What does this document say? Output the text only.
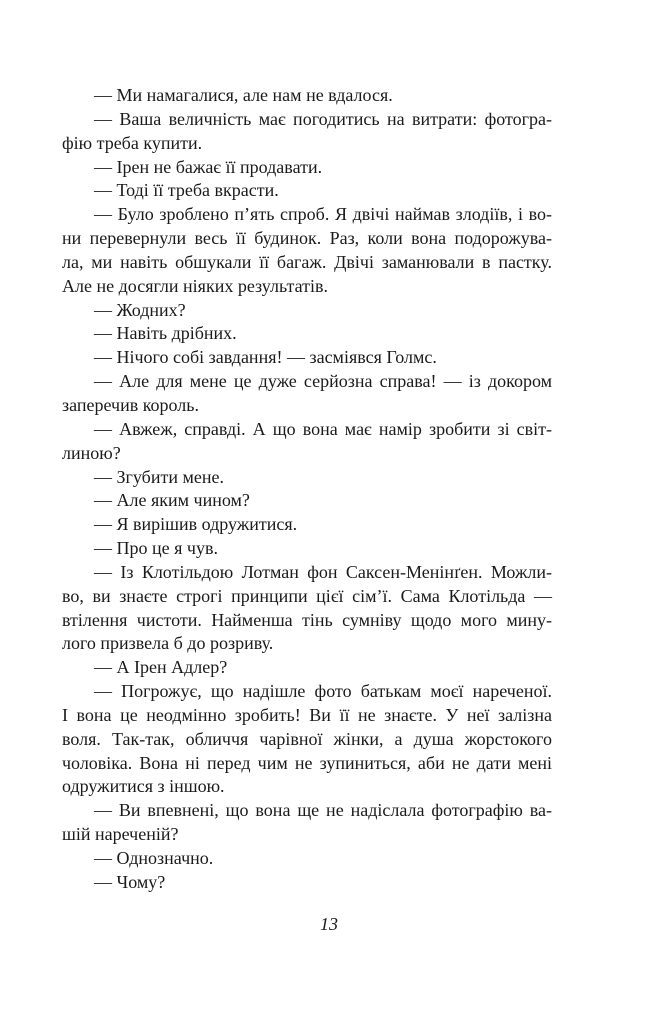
— Ми намагалися, але нам не вдалося.
— Ваша величність має погодитись на витрати: фотогра-
фію треба купити.
— Ірен не бажає її продавати.
— Тоді її треба вкрасти.
— Було зроблено п’ять спроб. Я двічі наймав злодіїв, і во-
ни перевернули весь її будинок. Раз, коли вона подорожува-
ла, ми навіть обшукали її багаж. Двічі заманювали в пастку.
Але не досягли ніяких результатів.
— Жодних?
— Навіть дрібних.
— Нічого собі завдання! — засміявся Голмс.
— Але для мене це дуже серйозна справа! — із докором
заперечив король.
— Авжеж, справді. А що вона має намір зробити зі світ-
линою?
— Згубити мене.
— Але яким чином?
— Я вирішив одружитися.
— Про це я чув.
— Із Клотільдою Лотман фон Саксен-Менінґен. Можли-
во, ви знаєте строгі принципи цієї сім’ї. Сама Клотільда —
втілення чистоти. Найменша тінь сумніву щодо мого мину-
лого призвела б до розриву.
— А Ірен Адлер?
— Погрожує, що надішле фото батькам моєї нареченої.
І вона це неодмінно зробить! Ви її не знаєте. У неї залізна
воля. Так-так, обличчя чарівної жінки, а душа жорстокого
чоловіка. Вона ні перед чим не зупиниться, аби не дати мені
одружитися з іншою.
— Ви впевнені, що вона ще не надіслала фотографію ва-
шій нареченій?
— Однозначно.
— Чому?
13
